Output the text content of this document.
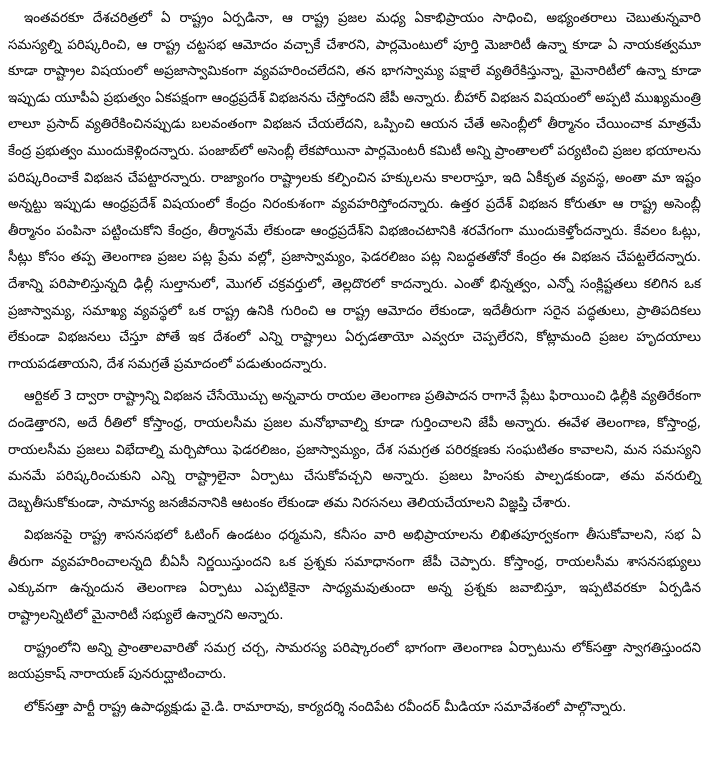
ఇంతవరకూ దేశచరిత్రలో ఏ రాష్ట్రం ఏర్పడినా, ఆ రాష్ట్ర ప్రజల మధ్య ఏకాభిప్రాయం సాధించి, అభ్యంతరాలు చెబుతున్నవారి సమస్యల్ని పరిష్కరించి, ఆ రాష్ట్ర చట్టసభ ఆమోదం వచ్చాకే చేశారని, పార్లమెంటులో పూర్తి మెజారిటీ ఉన్నా కూడా ఏ నాయకత్వమూ కూడా రాష్ట్రాల విషయంలో అప్రజాస్వామికంగా వ్యవహరించలేదని, తన భాగస్వామ్య పక్షాలే వ్యతిరేకిస్తున్నా, మైనారిటీలో ఉన్నా కూడా ఇప్పుడు యూపీఏ ప్రభుత్వం ఏకపక్షంగా ఆంధ్రప్రదేశ్ విభజనను చేస్తోందని జేపీ అన్నారు. బీహార్ విభజన విషయంలో అప్పటి ముఖ్యమంత్రి లాలూ ప్రసాద్ వ్యతిరేకించినప్పుడు బలవంతంగా విభజన చేయలేదని, ఒప్పించి ఆయన చేతే అసెంబ్లీలో తీర్మానం చేయించాక మాత్రమే కేంద్ర ప్రభుత్వం ముందుకెళ్లిందన్నారు. పంజాబ్‌లో అసెంబ్లీ లేకపోయినా పార్లమెంటరీ కమిటీ అన్ని ప్రాంతాలలో పర్యటించి ప్రజల భయాలను పరిష్కరించాకే విభజన చేపట్టారన్నారు. రాజ్యాంగం రాష్ట్రాలకు కల్పించిన హక్కులను కాలరాస్తూ, ఇది ఏకీకృత వ్యవస్థ, అంతా మా ఇష్టం అన్నట్టు ఇప్పుడు ఆంధ్రప్రదేశ్ విషయంలో కేంద్రం నిరంకుశంగా వ్యవహరిస్తోందన్నారు. ఉత్తర ప్రదేశ్ విభజన కోరుతూ ఆ రాష్ట్ర అసెంబ్లీ తీర్మానం పంపినా పట్టించుకోని కేంద్రం, తీర్మానమే లేకుండా ఆంధ్రప్రదేశ్‌ని విభజించటానికి శరవేగంగా ముందుకెళ్తోందన్నారు. కేవలం ఓట్లు, సీట్లు కోసం తప్ప తెలంగాణ ప్రజల పట్ల ప్రేమ వల్లో, ప్రజాస్వామ్యం, ఫెడరలిజం పట్ల నిబద్ధతతోనో కేంద్రం ఈ విభజన చేపట్టలేదన్నారు. దేశాన్ని పరిపాలిస్తున్నది ఢిల్లీ సుల్తానులో, మొగల్ చక్రవర్తులో, తెల్లదొరలో కాదన్నారు. ఎంతో భిన్నత్వం, ఎన్నో సంక్లిష్టతలు కలిగిన ఒక ప్రజాస్వామ్య, సమాఖ్య వ్యవస్థలో ఒక రాష్ట్ర ఉనికి గురించి ఆ రాష్ట్ర ఆమోదం లేకుండా, ఇదేతీరుగా సరైన పద్ధతులు, ప్రాతిపదికలు లేకుండా విభజనలు చేస్తూ పోతే ఇక దేశంలో ఎన్ని రాష్ట్రాలు ఏర్పడతాయో ఎవ్వరూ చెప్పలేరని, కోట్లామంది ప్రజల హృదయాలు గాయపడతాయని, దేశ సమగ్రతే ప్రమాదంలో పడుతుందన్నారు.

ఆర్టికల్ 3 ద్వారా రాష్ట్రాన్ని విభజన చేసేయొచ్చు అన్నవారు రాయల తెలంగాణ ప్రతిపాదన రాగానే ప్లేటు ఫిరాయించి ఢిల్లీకి వ్యతిరేకంగా దండెత్తారని, అదే రీతిలో కోస్తాంధ్ర, రాయలసీమ ప్రజల మనోభావాల్ని కూడా గుర్తించాలని జేపీ అన్నారు. ఈవేళ తెలంగాణ, కోస్తాంధ్ర, రాయలసీమ ప్రజలు విభేదాల్ని మర్చిపోయి ఫెడరలిజం, ప్రజాస్వామ్యం, దేశ సమగ్రత పరిరక్షణకు సంఘటితం కావాలని, మన సమస్యని మనమే పరిష్కరించుకుని ఎన్ని రాష్ట్రాలైనా ఏర్పాటు చేసుకోవచ్చని అన్నారు. ప్రజలు హింసకు పాల్పడకుండా, తమ వనరుల్ని దెబ్బతీసుకోకుండా, సామాన్య జనజీవనానికి ఆటంకం లేకుండా తమ నిరసనలు తెలియచేయాలని విజ్ఞప్తి చేశారు.

విభజనపై రాష్ట్ర శాసనసభలో ఓటింగ్ ఉండటం ధర్మమని, కనీసం వారి అభిప్రాయాలను లిఖితపూర్వకంగా తీసుకోవాలని, సభ ఏ తీరుగా వ్యవహరించాలన్నది బీఏసీ నిర్ణయిస్తుందని ఒక ప్రశ్నకు సమాధానంగా జేపీ చెప్పారు. కోస్తాంధ్ర, రాయలసీమ శాసనసభ్యులు ఎక్కువగా ఉన్నందున తెలంగాణ ఏర్పాటు ఎప్పటికైనా సాధ్యమవుతుందా అన్న ప్రశ్నకు జవాబిస్తూ, ఇప్పటివరకూ ఏర్పడిన రాష్ట్రాలన్నిటిలో మైనారిటీ సభ్యులే ఉన్నారని అన్నారు.

రాష్ట్రంలోని అన్ని ప్రాంతాలవారితో సమగ్ర చర్చ, సామరస్య పరిష్కారంలో భాగంగా తెలంగాణ ఏర్పాటును లోక్‌సత్తా స్వాగతిస్తుందని జయప్రకాష్ నారాయణ్ పునరుద్ఘాటించారు.

లోక్‌సత్తా పార్టీ రాష్ట్ర ఉపాధ్యక్షుడు వై.డి. రామారావు, కార్యదర్శి నందిపేట రవీందర్ మీడియా సమావేశంలో పాల్గొన్నారు.
